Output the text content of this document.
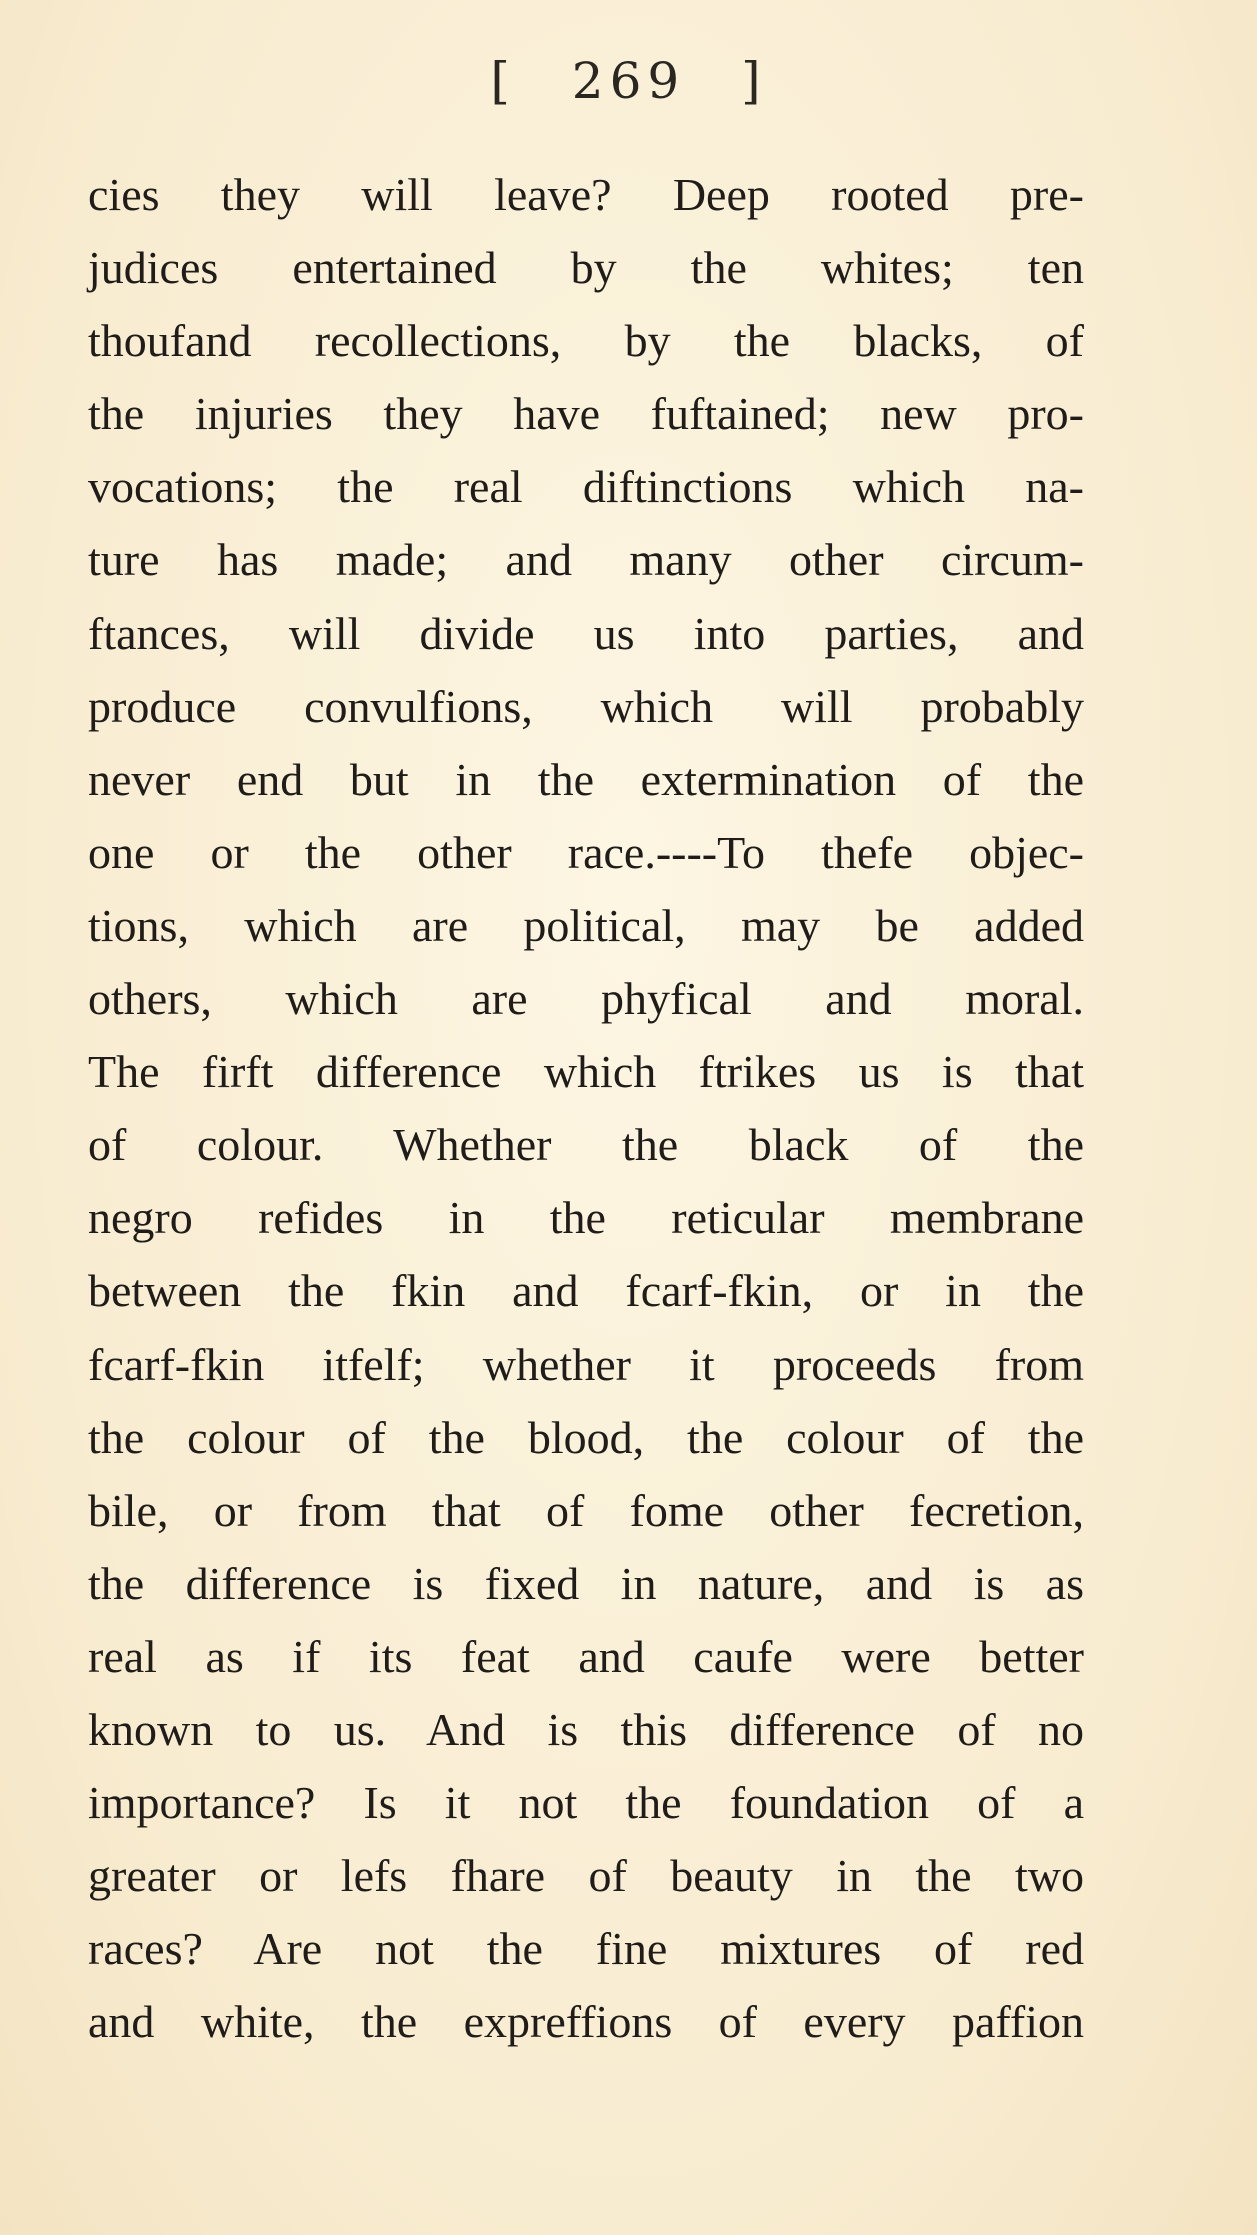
[ 269 ]
cies they will leave? Deep rooted pre-
judices entertained by the whites; ten
thoufand recollections, by the blacks, of
the injuries they have fuftained; new pro-
vocations; the real diftinctions which na-
ture has made; and many other circum-
ftances, will divide us into parties, and
produce convulfions, which will probably
never end but in the extermination of the
one or the other race.----To thefe objec-
tions, which are political, may be added
others, which are phyfical and moral.
The firft difference which ftrikes us is that
of colour. Whether the black of the
negro refides in the reticular membrane
between the fkin and fcarf-fkin, or in the
fcarf-fkin itfelf; whether it proceeds from
the colour of the blood, the colour of the
bile, or from that of fome other fecretion,
the difference is fixed in nature, and is as
real as if its feat and caufe were better
known to us. And is this difference of no
importance? Is it not the foundation of a
greater or lefs fhare of beauty in the two
races? Are not the fine mixtures of red
and white, the expreffions of every paffion
